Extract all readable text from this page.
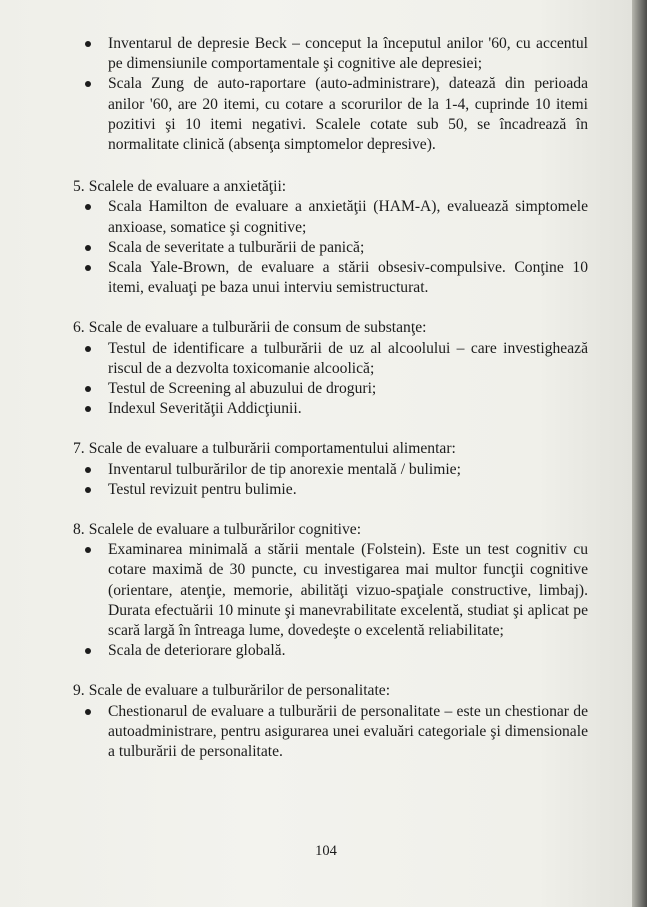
Inventarul de depresie Beck – conceput la începutul anilor '60, cu accentul pe dimensiunile comportamentale şi cognitive ale depresiei;
Scala Zung de auto-raportare (auto-administrare), datează din perioada anilor '60, are 20 itemi, cu cotare a scorurilor de la 1-4, cuprinde 10 itemi pozitivi şi 10 itemi negativi. Scalele cotate sub 50, se încadrează în normalitate clinică (absenţa simptomelor depresive).

5. Scalele de evaluare a anxietăţii:

Scala Hamilton de evaluare a anxietăţii (HAM-A), evaluează simptomele anxioase, somatice şi cognitive;
Scala de severitate a tulburării de panică;
Scala Yale-Brown, de evaluare a stării obsesiv-compulsive. Conţine 10 itemi, evaluaţi pe baza unui interviu semistructurat.

6. Scale de evaluare a tulburării de consum de substanţe:

Testul de identificare a tulburării de uz al alcoolului – care investighează riscul de a dezvolta toxicomanie alcoolică;
Testul de Screening al abuzului de droguri;
Indexul Severităţii Addicţiunii.

7. Scale de evaluare a tulburării comportamentului alimentar:

Inventarul tulburărilor de tip anorexie mentală / bulimie;
Testul revizuit pentru bulimie.

8. Scalele de evaluare a tulburărilor cognitive:

Examinarea minimală a stării mentale (Folstein). Este un test cognitiv cu cotare maximă de 30 puncte, cu investigarea mai multor funcţii cognitive (orientare, atenţie, memorie, abilităţi vizuo-spaţiale constructive, limbaj). Durata efectuării 10 minute şi manevrabilitate excelentă, studiat şi aplicat pe scară largă în întreaga lume, dovedeşte o excelentă reliabilitate;
Scala de deteriorare globală.

9. Scale de evaluare a tulburărilor de personalitate:

Chestionarul de evaluare a tulburării de personalitate – este un chestionar de autoadministrare, pentru asigurarea unei evaluări categoriale şi dimensionale a tulburării de personalitate.
104
